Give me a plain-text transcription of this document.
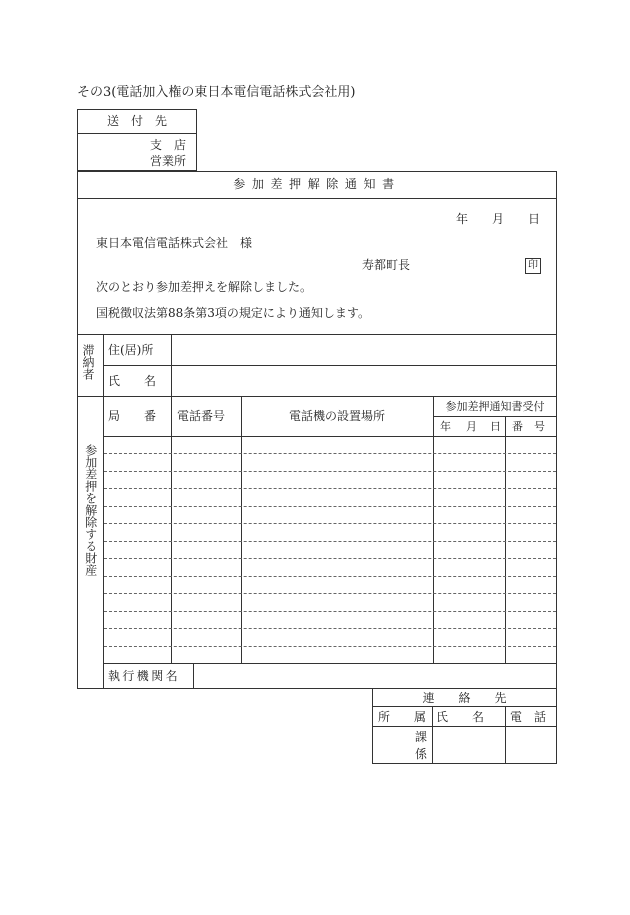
その3(電話加入権の東日本電信電話株式会社用)
送　付　先
支　店
営業所
参加差押解除通知書
年 月 日
東日本電信電話株式会社　様
寿都町長	印
次のとおり参加差押えを解除しました。
国税徴収法第88条第3項の規定により通知します。
滞納者 住(居)所
氏　　名
参加差押を解除する財産
局　　番 電話番号	電話機の設置場所
参加差押通知書受付
年 月 日 番　号
執行機関名
連　　絡　　先
所　　属 氏　　名 電　話
課
係
